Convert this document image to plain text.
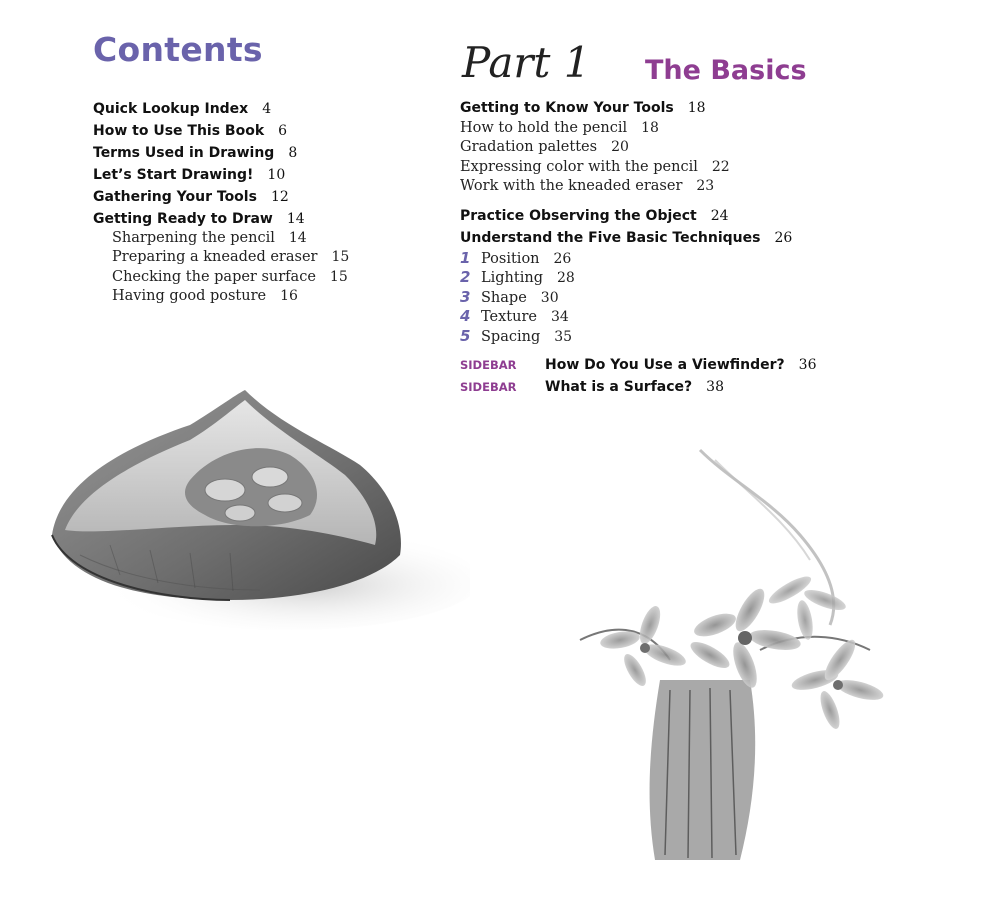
Contents
Quick Lookup Index 4
How to Use This Book 6
Terms Used in Drawing 8
Let’s Start Drawing! 10
Gathering Your Tools 12
Getting Ready to Draw 14
Sharpening the pencil 14
Preparing a kneaded eraser 15
Checking the paper surface 15
Having good posture 16
Part 1 The Basics
Getting to Know Your Tools 18
How to hold the pencil 18
Gradation palettes 20
Expressing color with the pencil 22
Work with the kneaded eraser 23
Practice Observing the Object 24
Understand the Five Basic Techniques 26
1 Position 26
2 Lighting 28
3 Shape 30
4 Texture 34
5 Spacing 35
SIDEBAR How Do You Use a Viewfinder? 36
SIDEBAR What is a Surface? 38
